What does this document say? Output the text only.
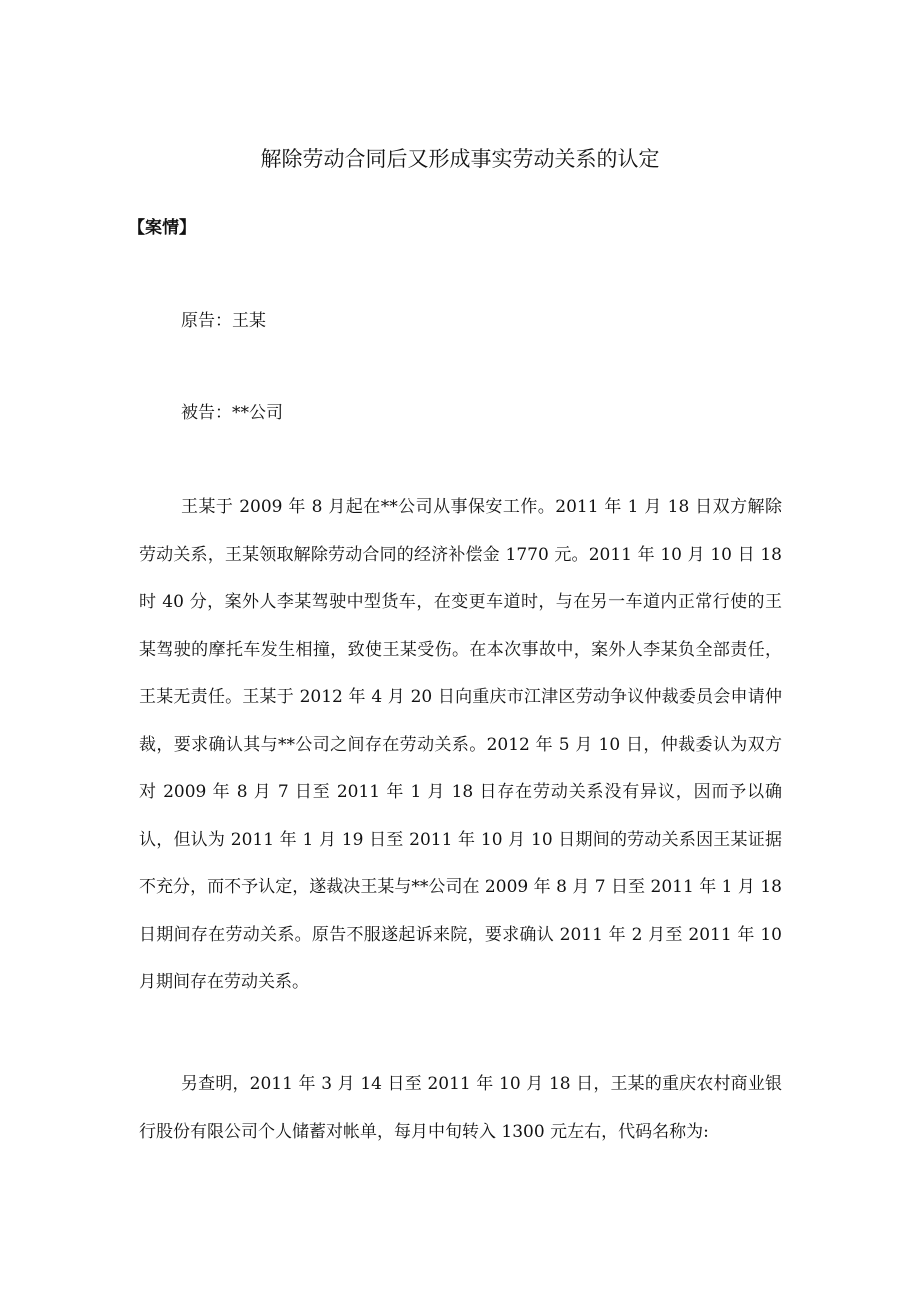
解除劳动合同后又形成事实劳动关系的认定
【案情】
原告：王某
被告：**公司

王某于 2009 年 8 月起在**公司从事保安工作。2011 年 1 月 18 日双方解除劳动关系，王某领取解除劳动合同的经济补偿金 1770 元。2011 年 10 月 10 日 18 时 40 分，案外人李某驾驶中型货车，在变更车道时，与在另一车道内正常行使的王某驾驶的摩托车发生相撞，致使王某受伤。在本次事故中，案外人李某负全部责任，王某无责任。王某于 2012 年 4 月 20 日向重庆市江津区劳动争议仲裁委员会申请仲裁，要求确认其与**公司之间存在劳动关系。2012 年 5 月 10 日，仲裁委认为双方对 2009 年 8 月 7 日至 2011 年 1 月 18 日存在劳动关系没有异议，因而予以确认，但认为 2011 年 1 月 19 日至 2011 年 10 月 10 日期间的劳动关系因王某证据不充分，而不予认定，遂裁决王某与**公司在 2009 年 8 月 7 日至 2011 年 1 月 18 日期间存在劳动关系。原告不服遂起诉来院，要求确认 2011 年 2 月至 2011 年 10 月期间存在劳动关系。

另查明，2011 年 3 月 14 日至 2011 年 10 月 18 日，王某的重庆农村商业银行股份有限公司个人储蓄对帐单，每月中旬转入 1300 元左右，代码名称为:
